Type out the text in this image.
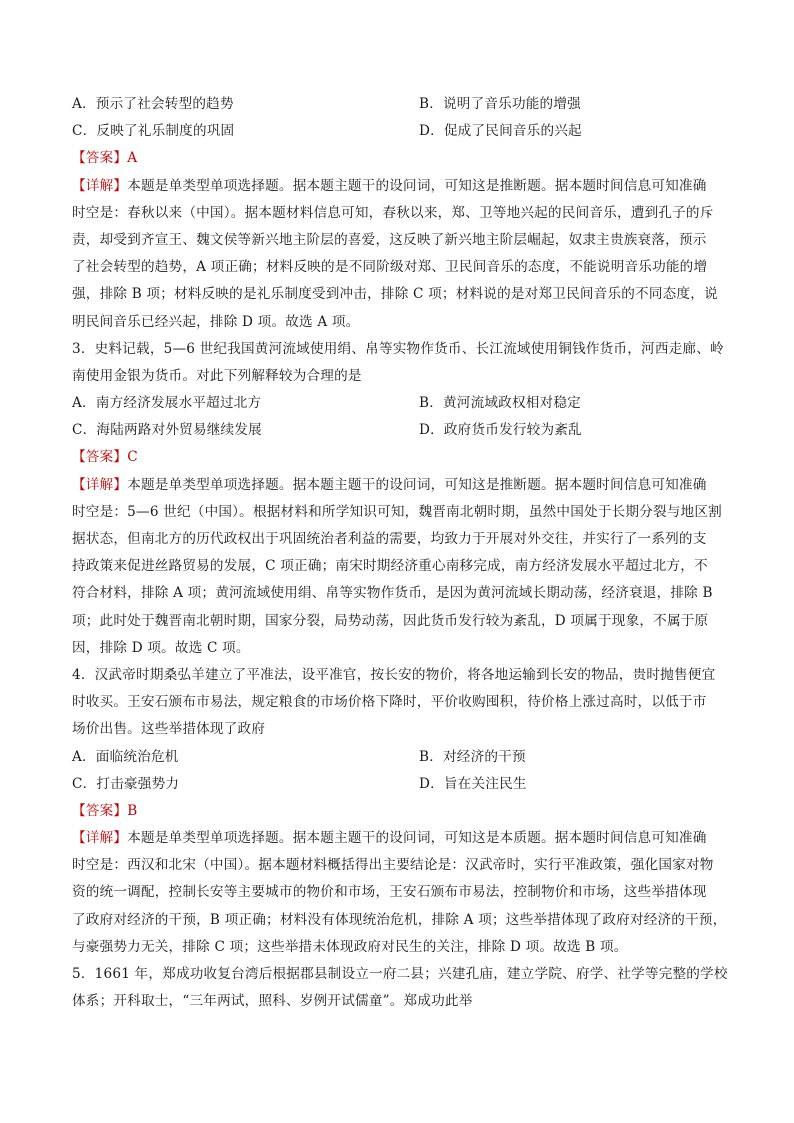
A．预示了社会转型的趋势	B．说明了音乐功能的增强
C．反映了礼乐制度的巩固	D．促成了民间音乐的兴起
【答案】A
【详解】本题是单类型单项选择题。据本题主题干的设问词，可知这是推断题。据本题时间信息可知准确
时空是：春秋以来（中国）。据本题材料信息可知，春秋以来，郑、卫等地兴起的民间音乐，遭到孔子的斥
责，却受到齐宣王、魏文侯等新兴地主阶层的喜爱，这反映了新兴地主阶层崛起，奴隶主贵族衰落，预示
了社会转型的趋势，A 项正确；材料反映的是不同阶级对郑、卫民间音乐的态度，不能说明音乐功能的增
强，排除 B 项；材料反映的是礼乐制度受到冲击，排除 C 项；材料说的是对郑卫民间音乐的不同态度，说
明民间音乐已经兴起，排除 D 项。故选 A 项。
3．史料记载，5—6 世纪我国黄河流域使用绢、帛等实物作货币、长江流域使用铜钱作货币，河西走廊、岭
南使用金银为货币。对此下列解释较为合理的是
A．南方经济发展水平超过北方	B．黄河流域政权相对稳定
C．海陆两路对外贸易继续发展	D．政府货币发行较为紊乱
【答案】C
【详解】本题是单类型单项选择题。据本题主题干的设问词，可知这是推断题。据本题时间信息可知准确
时空是：5—6 世纪（中国）。根据材料和所学知识可知，魏晋南北朝时期，虽然中国处于长期分裂与地区割
据状态，但南北方的历代政权出于巩固统治者利益的需要，均致力于开展对外交往，并实行了一系列的支
持政策来促进丝路贸易的发展，C 项正确；南宋时期经济重心南移完成，南方经济发展水平超过北方，不
符合材料，排除 A 项；黄河流域使用绢、帛等实物作货币，是因为黄河流域长期动荡，经济衰退，排除 B
项；此时处于魏晋南北朝时期，国家分裂，局势动荡，因此货币发行较为紊乱，D 项属于现象，不属于原
因，排除 D 项。故选 C 项。
4．汉武帝时期桑弘羊建立了平准法，设平准官，按长安的物价，将各地运输到长安的物品，贵时抛售便宜
时收买。王安石颁布市易法，规定粮食的市场价格下降时，平价收购囤积，待价格上涨过高时，以低于市
场价出售。这些举措体现了政府
A．面临统治危机	B．对经济的干预
C．打击豪强势力	D．旨在关注民生
【答案】B
【详解】本题是单类型单项选择题。据本题主题干的设问词，可知这是本质题。据本题时间信息可知准确
时空是：西汉和北宋（中国）。据本题材料概括得出主要结论是：汉武帝时，实行平准政策，强化国家对物
资的统一调配，控制长安等主要城市的物价和市场，王安石颁布市易法，控制物价和市场，这些举措体现
了政府对经济的干预，B 项正确；材料没有体现统治危机，排除 A 项；这些举措体现了政府对经济的干预，
与豪强势力无关，排除 C 项；这些举措未体现政府对民生的关注，排除 D 项。故选 B 项。
5．1661 年，郑成功收复台湾后根据郡县制设立一府二县；兴建孔庙，建立学院、府学、社学等完整的学校
体系；开科取士，“三年两试，照科、岁例开试儒童”。郑成功此举
